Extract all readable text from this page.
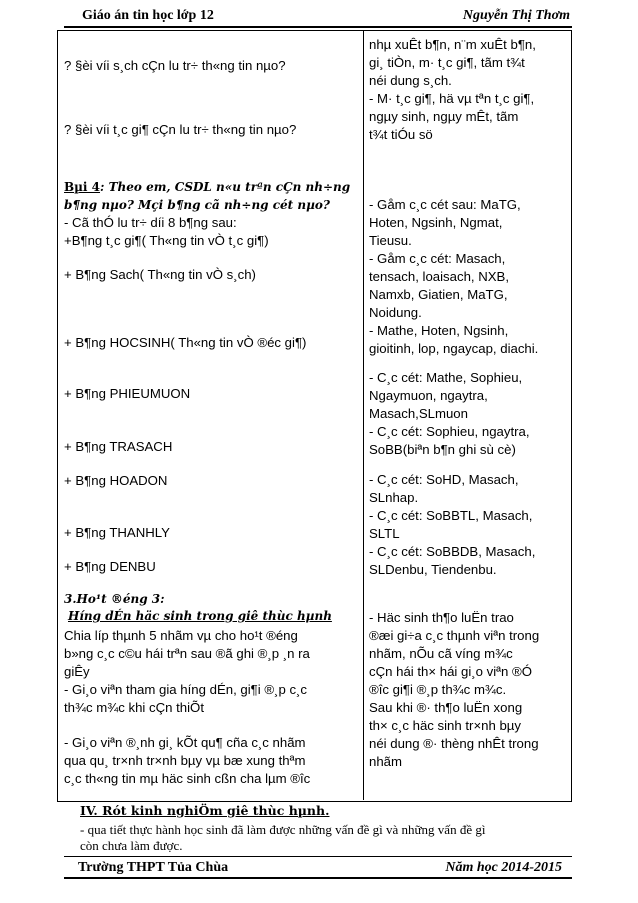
Giáo án tin học lớp 12	Nguyễn Thị Thơm
? §èi víi s¸ch cÇn lu tr÷ th«ng tin nµo?
? §èi víi t¸c gi¶ cÇn lu tr÷ th«ng tin nµo?
Bµi 4: Theo em, CSDL n«u trªn cÇn nh÷ng
b¶ng nµo? Mçi b¶ng cã nh÷ng cét nµo?
- Cã thÓ lu tr÷ díi 8 b¶ng sau:
+B¶ng t¸c gi¶( Th«ng tin vÒ t¸c gi¶)
+ B¶ng Sach( Th«ng tin vÒ s¸ch)
+ B¶ng HOCSINH( Th«ng tin vÒ ®éc gi¶)
+ B¶ng PHIEUMUON
+ B¶ng TRASACH
+ B¶ng HOADON
+ B¶ng THANHLY
+ B¶ng DENBU
3.Ho¹t ®éng 3:
Híng dÉn häc sinh trong giê thùc hµnh
Chia líp thµnh 5 nhãm vµ cho ho¹t ®éng
b»ng c¸c c©u hái trªn sau ®ã ghi ®¸p ¸n ra
giÊy
- Gi¸o viªn tham gia híng dÉn, gi¶i ®¸p c¸c
th¾c m¾c khi cÇn thiÕt
- Gi¸o viªn ®¸nh gi¸ kÕt qu¶ cña c¸c nhãm
qua qu¸ tr×nh tr×nh bµy vµ bæ xung thªm
c¸c th«ng tin mµ häc sinh cßn cha lµm ®îc
nhµ xuÊt b¶n, n¨m xuÊt b¶n,
gi¸ tiÒn, m· t¸c gi¶, tãm t¾t
néi dung s¸ch.
- M· t¸c gi¶, hä vµ tªn t¸c gi¶,
ngµy sinh, ngµy mÊt, tãm
t¾t tiÓu sö
- Gåm c¸c cét sau: MaTG,
Hoten, Ngsinh, Ngmat,
Tieusu.
- Gåm c¸c cét: Masach,
tensach, loaisach, NXB,
Namxb, Giatien, MaTG,
Noidung.
- Mathe, Hoten, Ngsinh,
gioitinh, lop, ngaycap, diachi.
- C¸c cét: Mathe, Sophieu,
Ngaymuon, ngaytra,
Masach,SLmuon
- C¸c cét: Sophieu, ngaytra,
SoBB(biªn b¶n ghi sù cè)
- C¸c cét: SoHD, Masach,
SLnhap.
- C¸c cét: SoBBTL, Masach,
SLTL
- C¸c cét: SoBBDB, Masach,
SLDenbu, Tiendenbu.
- Häc sinh th¶o luËn trao
®æi gi÷a c¸c thµnh viªn trong
nhãm, nÕu cã víng m¾c
cÇn hái th× hái gi¸o viªn ®Ó
®îc gi¶i ®¸p th¾c m¾c.
Sau khi ®· th¶o luËn xong
th× c¸c häc sinh tr×nh bµy
néi dung ®· thèng nhÊt trong
nhãm
IV. Rót kinh nghiÖm giê thùc hµnh.
- qua tiết thực hành học sinh đã làm được những vấn đề gì và những vấn đề gì
còn chưa làm được.
Trường THPT Tủa Chùa	Năm học 2014-2015
